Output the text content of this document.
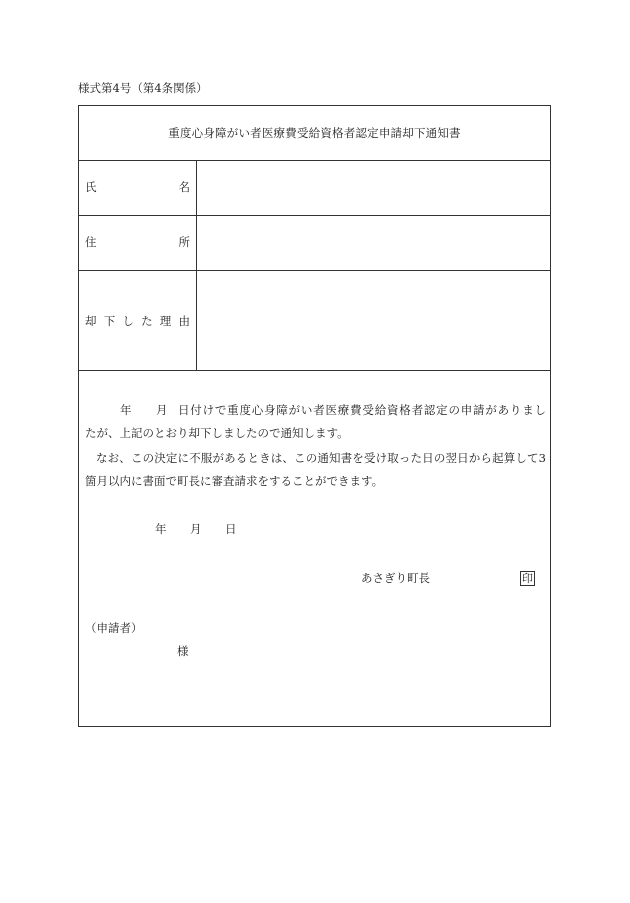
様式第4号（第4条関係）
重度心身障がい者医療費受給資格者認定申請却下通知書
氏	名
住	所
却 下 し た 理 由
年 月 日付けで重度心身障がい者医療費受給資格者認定の申請がありまし
たが、上記のとおり却下しましたので通知します。
なお、この決定に不服があるときは、この通知書を受け取った日の翌日から起算して3
箇月以内に書面で町長に審査請求をすることができます。
年 月 日
あさぎり町長	印
（申請者）
様
